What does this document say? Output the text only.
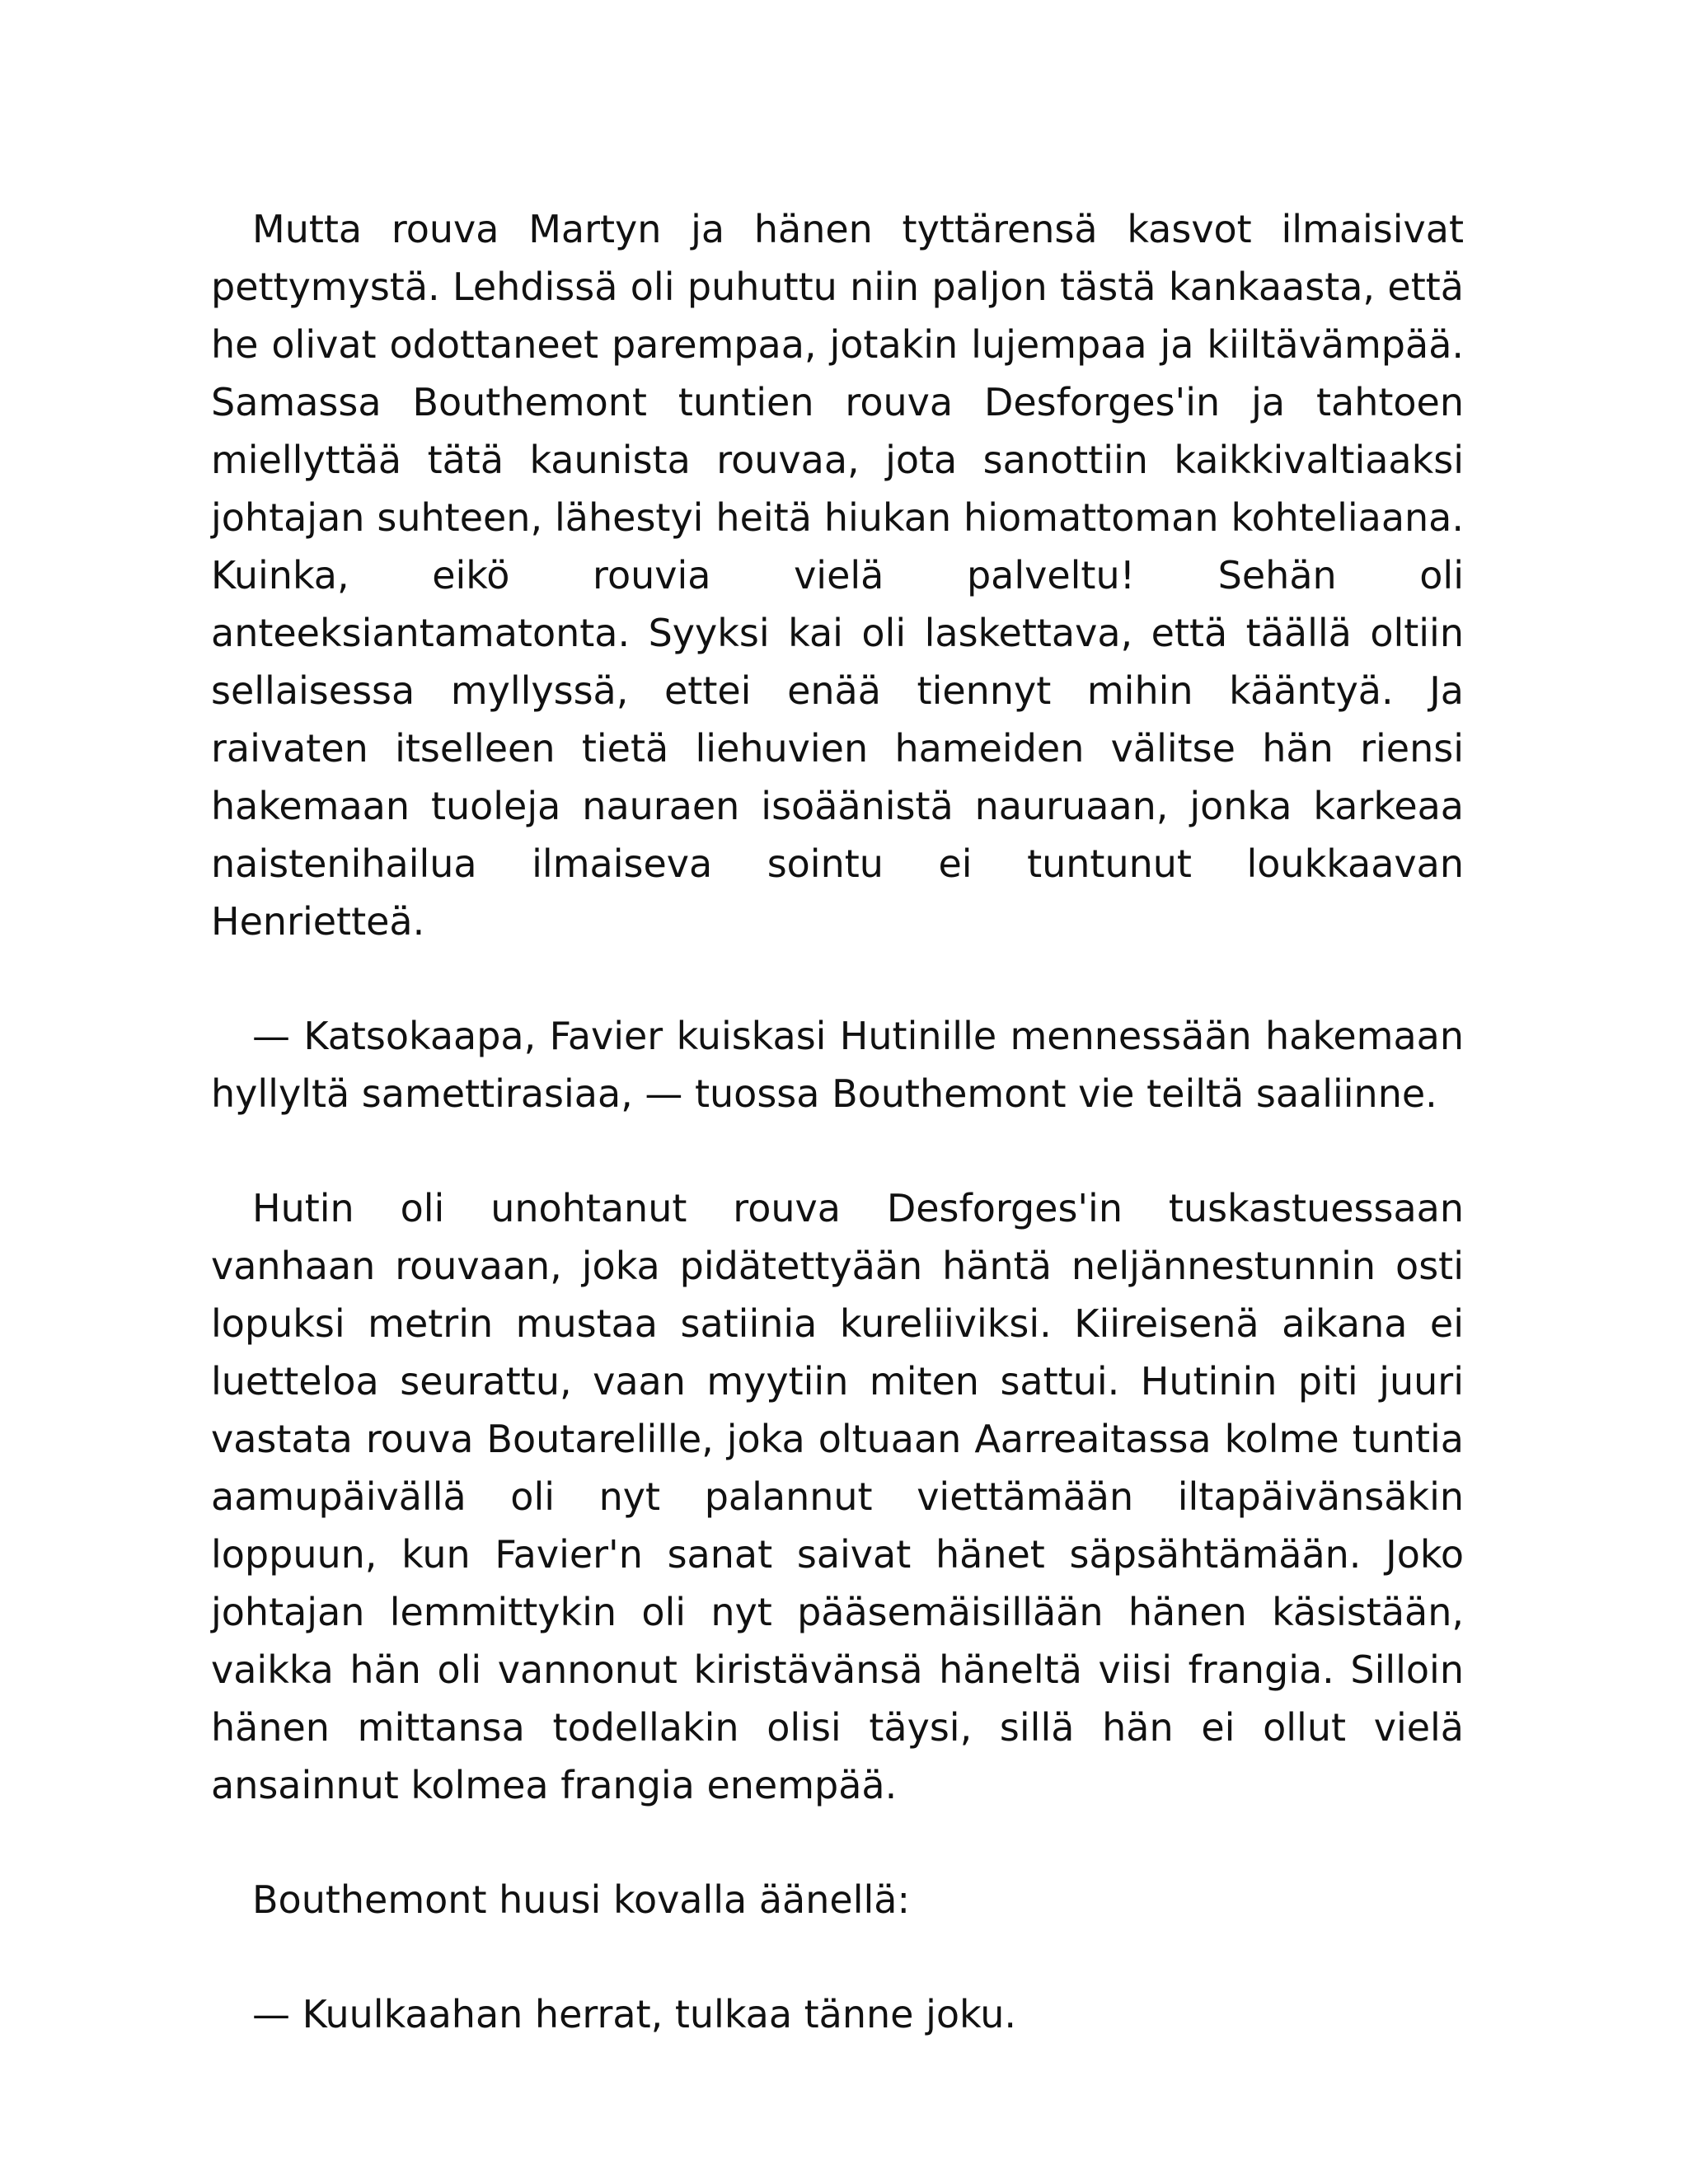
Mutta rouva Martyn ja hänen tyttärensä kasvot ilmaisivat pettymystä. Lehdissä oli puhuttu niin paljon tästä kankaasta, että he olivat odottaneet parempaa, jotakin lujempaa ja kiiltävämpää. Samassa Bouthemont tuntien rouva Desforges'in ja tahtoen miellyttää tätä kaunista rouvaa, jota sanottiin kaikkivaltiaaksi johtajan suhteen, lähestyi heitä hiukan hiomattoman kohteliaana. Kuinka, eikö rouvia vielä palveltu! Sehän oli anteeksiantamatonta. Syyksi kai oli laskettava, että täällä oltiin sellaisessa myllyssä, ettei enää tiennyt mihin kääntyä. Ja raivaten itselleen tietä liehuvien hameiden välitse hän riensi hakemaan tuoleja nauraen isoäänistä nauruaan, jonka karkeaa naistenihailua ilmaiseva sointu ei tuntunut loukkaavan Henrietteä.

— Katsokaapa, Favier kuiskasi Hutinille mennessään hakemaan hyllyltä samettirasiaa, — tuossa Bouthemont vie teiltä saaliinne.

Hutin oli unohtanut rouva Desforges'in tuskastuessaan vanhaan rouvaan, joka pidätettyään häntä neljännestunnin osti lopuksi metrin mustaa satiinia kureliiviksi. Kiireisenä aikana ei luetteloa seurattu, vaan myytiin miten sattui. Hutinin piti juuri vastata rouva Boutarelille, joka oltuaan Aarreaitassa kolme tuntia aamupäivällä oli nyt palannut viettämään iltapäivänsäkin loppuun, kun Favier'n sanat saivat hänet säpsähtämään. Joko johtajan lemmittykin oli nyt pääsemäisillään hänen käsistään, vaikka hän oli vannonut kiristävänsä häneltä viisi frangia. Silloin hänen mittansa todellakin olisi täysi, sillä hän ei ollut vielä ansainnut kolmea frangia enempää.

Bouthemont huusi kovalla äänellä:

— Kuulkaahan herrat, tulkaa tänne joku.
